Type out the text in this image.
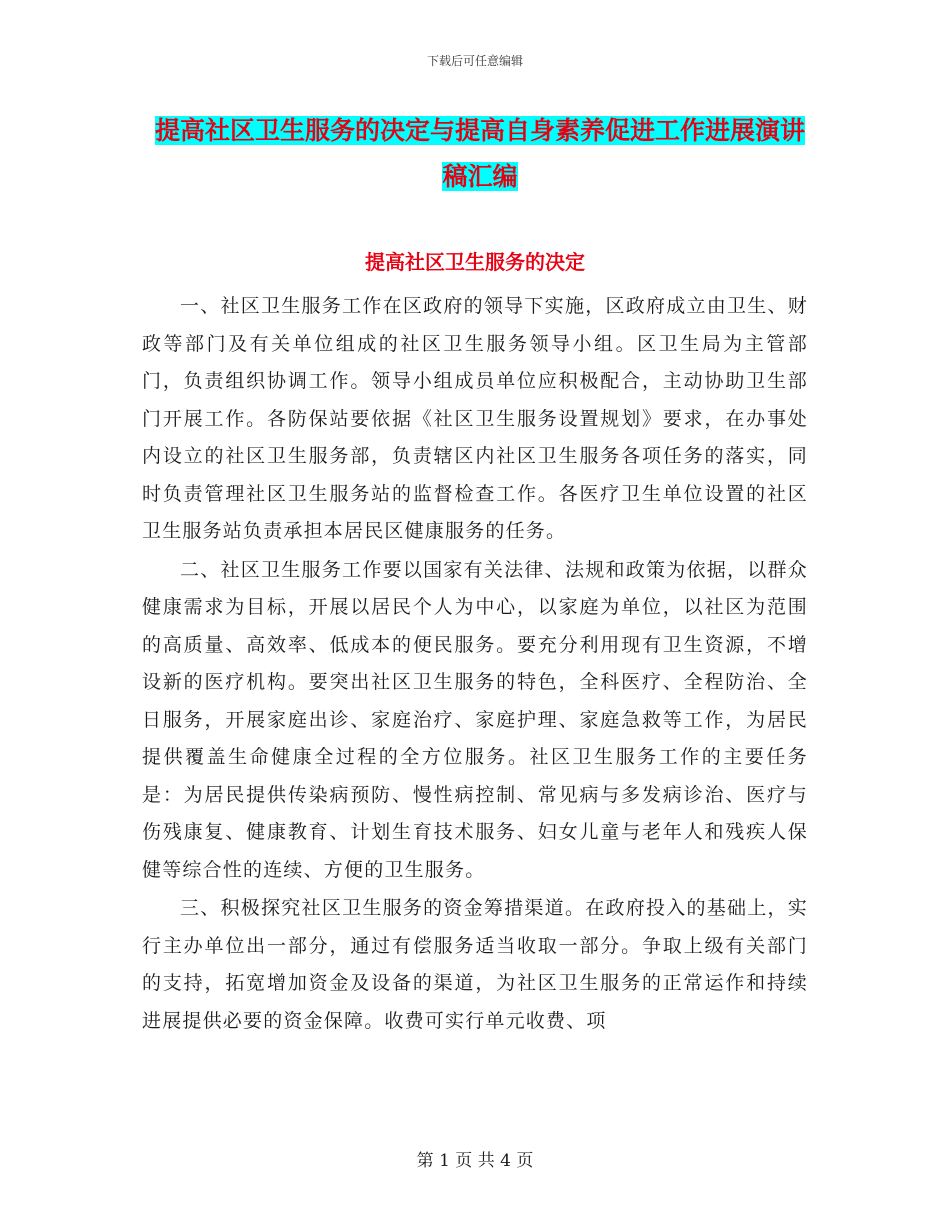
下载后可任意编辑
提高社区卫生服务的决定与提高自身素养促进工作进展演讲稿汇编
提高社区卫生服务的决定

一、社区卫生服务工作在区政府的领导下实施，区政府成立由卫生、财政等部门及有关单位组成的社区卫生服务领导小组。区卫生局为主管部门，负责组织协调工作。领导小组成员单位应积极配合，主动协助卫生部门开展工作。各防保站要依据《社区卫生服务设置规划》要求，在办事处内设立的社区卫生服务部，负责辖区内社区卫生服务各项任务的落实，同时负责管理社区卫生服务站的监督检查工作。各医疗卫生单位设置的社区卫生服务站负责承担本居民区健康服务的任务。

二、社区卫生服务工作要以国家有关法律、法规和政策为依据，以群众健康需求为目标，开展以居民个人为中心，以家庭为单位，以社区为范围的高质量、高效率、低成本的便民服务。要充分利用现有卫生资源，不增设新的医疗机构。要突出社区卫生服务的特色，全科医疗、全程防治、全日服务，开展家庭出诊、家庭治疗、家庭护理、家庭急救等工作，为居民提供覆盖生命健康全过程的全方位服务。社区卫生服务工作的主要任务是：为居民提供传染病预防、慢性病控制、常见病与多发病诊治、医疗与伤残康复、健康教育、计划生育技术服务、妇女儿童与老年人和残疾人保健等综合性的连续、方便的卫生服务。

三、积极探究社区卫生服务的资金筹措渠道。在政府投入的基础上，实行主办单位出一部分，通过有偿服务适当收取一部分。争取上级有关部门的支持，拓宽增加资金及设备的渠道，为社区卫生服务的正常运作和持续进展提供必要的资金保障。收费可实行单元收费、项

第 1 页 共 4 页
